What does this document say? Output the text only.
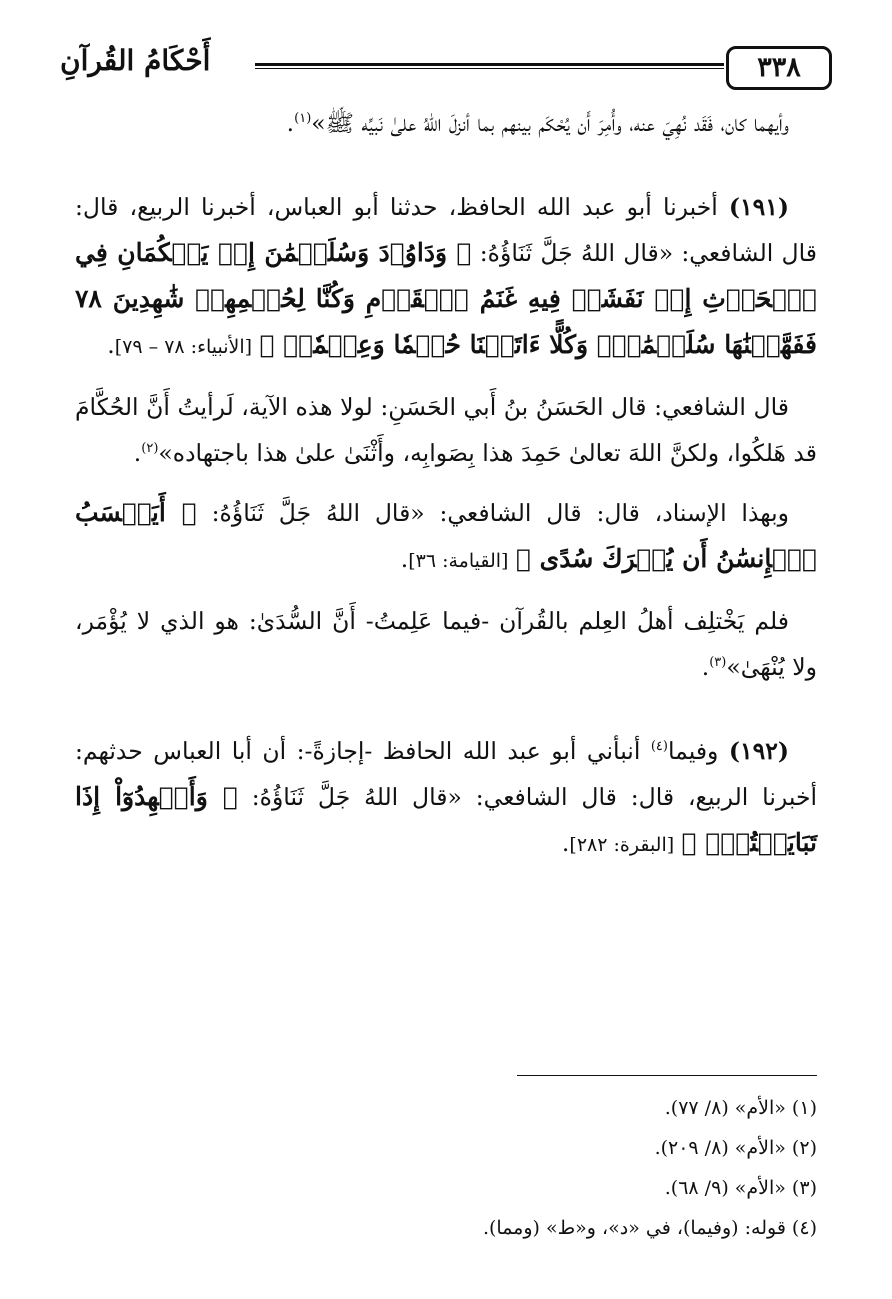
٣٣٨
أَحْكَامُ القُرآنِ

وأيهما كان، فَقَد نُهِيَ عنه، وأُمِرَ أَن يُحْكَم بينهم بما أنزلَ اللهُ علىٰ نَبيِّه ﷺ»$^{(١)}$.

(١٩١) أخبرنا أبو عبد الله الحافظ، حدثنا أبو العباس، أخبرنا الربيع، قال: قال الشافعي: «قال اللهُ جَلَّ ثَنَاؤُهُ: ﴿ وَدَاوُۥدَ وَسُلَيۡمَٰنَ إِذۡ يَحۡكُمَانِ فِي ٱلۡحَرۡثِ إِذۡ نَفَشَتۡ فِيهِ غَنَمُ ٱلۡقَوۡمِ وَكُنَّا لِحُكۡمِهِمۡ شَٰهِدِينَ ٧٨ فَفَهَّمۡنَٰهَا سُلَيۡمَٰنَۚ وَكُلًّا ءَاتَيۡنَا حُكۡمٗا وَعِلۡمٗاۚ ﴾ [الأنبياء: ٧٨ – ٧٩].

قال الشافعي: قال الحَسَنُ بنُ أَبي الحَسَنِ: لولا هذه الآية، لَرأيتُ أَنَّ الحُكَّامَ قد هَلكُوا، ولكنَّ اللهَ تعالىٰ حَمِدَ هذا بِصَوابِه، وأَثْنَىٰ علىٰ هذا باجتهاده»$^{(٢)}$.

وبهذا الإسناد، قال: قال الشافعي: «قال اللهُ جَلَّ ثَنَاؤُهُ: ﴿ أَيَحۡسَبُ ٱلۡإِنسَٰنُ أَن يُتۡرَكَ سُدًى ﴾ [القيامة: ٣٦].

فلم يَخْتلِف أهلُ العِلم بالقُرآن -فيما عَلِمتُ- أَنَّ السُّدَىٰ: هو الذي لا يُؤْمَر، ولا يُنْهَىٰ»$^{(٣)}$.

(١٩٢) وفيما$^{(٤)}$ أنبأني أبو عبد الله الحافظ -إجازةً-: أن أبا العباس حدثهم: أخبرنا الربيع، قال: قال الشافعي: «قال اللهُ جَلَّ ثَنَاؤُهُ: ﴿ وَأَشۡهِدُوٓاْ إِذَا تَبَايَعۡتُمۡۚ ﴾ [البقرة: ٢٨٢].

(١) «الأم» (٨/ ٧٧).

(٢) «الأم» (٨/ ٢٠٩).

(٣) «الأم» (٩/ ٦٨).

(٤) قوله: (وفيما)، في «د»، و«ط» (ومما).
